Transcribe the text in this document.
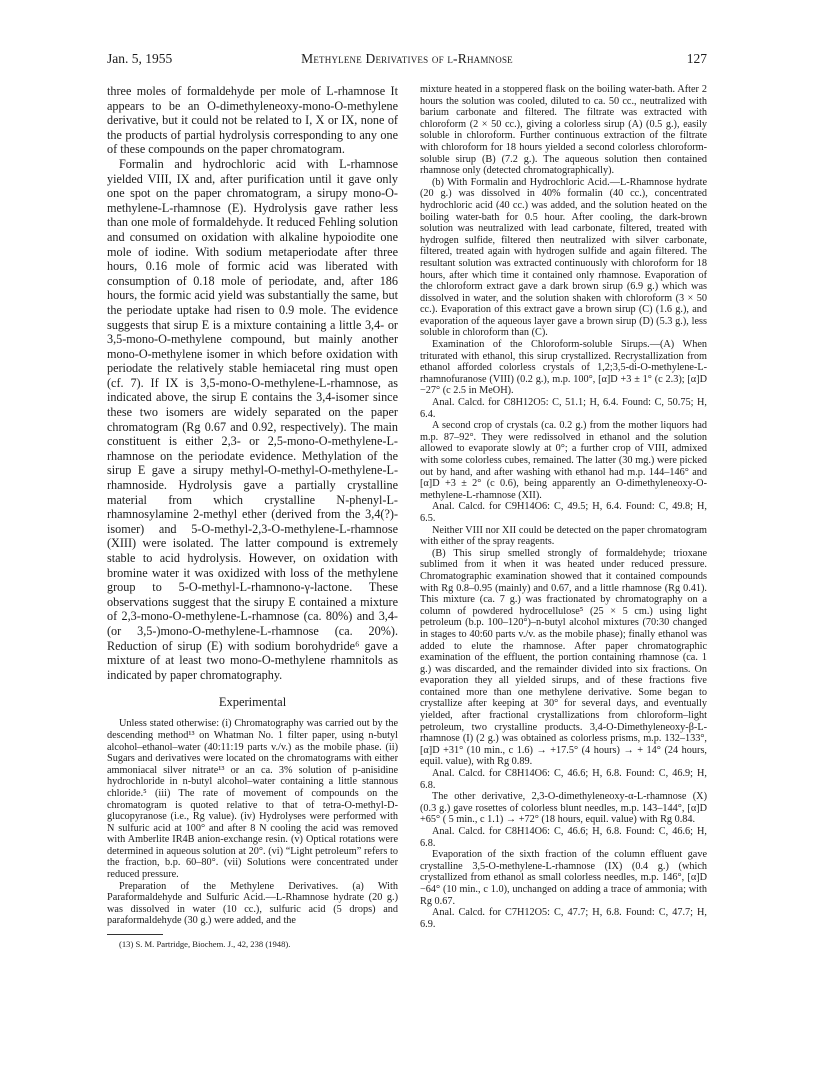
Jan. 5, 1955	Methylene Derivatives of l-Rhamnose	127

three moles of formaldehyde per mole of L-rhamnose It appears to be an O-dimethyleneoxy-mono-O-methylene derivative, but it could not be related to I, X or IX, none of the products of partial hydrolysis corresponding to any one of these compounds on the paper chromatogram.

Formalin and hydrochloric acid with L-rhamnose yielded VIII, IX and, after purification until it gave only one spot on the paper chromatogram, a sirupy mono-O-methylene-L-rhamnose (E). Hydrolysis gave rather less than one mole of formaldehyde. It reduced Fehling solution and consumed on oxidation with alkaline hypoiodite one mole of iodine. With sodium metaperiodate after three hours, 0.16 mole of formic acid was liberated with consumption of 0.18 mole of periodate, and, after 186 hours, the formic acid yield was substantially the same, but the periodate uptake had risen to 0.9 mole. The evidence suggests that sirup E is a mixture containing a little 3,4- or 3,5-mono-O-methylene compound, but mainly another mono-O-methylene isomer in which before oxidation with periodate the relatively stable hemiacetal ring must open (cf. 7). If IX is 3,5-mono-O-methylene-L-rhamnose, as indicated above, the sirup E contains the 3,4-isomer since these two isomers are widely separated on the paper chromatogram (Rg 0.67 and 0.92, respectively). The main constituent is either 2,3- or 2,5-mono-O-methylene-L-rhamnose on the periodate evidence. Methylation of the sirup E gave a sirupy methyl-O-methyl-O-methylene-L-rhamnoside. Hydrolysis gave a partially crystalline material from which crystalline N-phenyl-L-rhamnosylamine 2-methyl ether (derived from the 3,4(?)-isomer) and 5-O-methyl-2,3-O-methylene-L-rhamnose (XIII) were isolated. The latter compound is extremely stable to acid hydrolysis. However, on oxidation with bromine water it was oxidized with loss of the methylene group to 5-O-methyl-L-rhamnono-γ-lactone. These observations suggest that the sirupy E contained a mixture of 2,3-mono-O-methylene-L-rhamnose (ca. 80%) and 3,4-(or 3,5-)mono-O-methylene-L-rhamnose (ca. 20%). Reduction of sirup (E) with sodium borohydride⁶ gave a mixture of at least two mono-O-methylene rhamnitols as indicated by paper chromatography.

Experimental

Unless stated otherwise: (i) Chromatography was carried out by the descending method¹³ on Whatman No. 1 filter paper, using n-butyl alcohol–ethanol–water (40:11:19 parts v./v.) as the mobile phase. (ii) Sugars and derivatives were located on the chromatograms with either ammoniacal silver nitrate¹³ or an ca. 3% solution of p-anisidine hydrochloride in n-butyl alcohol–water containing a little stannous chloride.⁵ (iii) The rate of movement of compounds on the chromatogram is quoted relative to that of tetra-O-methyl-D-glucopyranose (i.e., Rg value). (iv) Hydrolyses were performed with N sulfuric acid at 100° and after 8 N cooling the acid was removed with Amberlite IR4B anion-exchange resin. (v) Optical rotations were determined in aqueous solution at 20°. (vi) “Light petroleum” refers to the fraction, b.p. 60–80°. (vii) Solutions were concentrated under reduced pressure.

Preparation of the Methylene Derivatives. (a) With Paraformaldehyde and Sulfuric Acid.—L-Rhamnose hydrate (20 g.) was dissolved in water (10 cc.), sulfuric acid (5 drops) and paraformaldehyde (30 g.) were added, and the

(13) S. M. Partridge, Biochem. J., 42, 238 (1948).

mixture heated in a stoppered flask on the boiling water-bath. After 2 hours the solution was cooled, diluted to ca. 50 cc., neutralized with barium carbonate and filtered. The filtrate was extracted with chloroform (2 × 50 cc.), giving a colorless sirup (A) (0.5 g.), easily soluble in chloroform. Further continuous extraction of the filtrate with chloroform for 18 hours yielded a second colorless chloroform-soluble sirup (B) (7.2 g.). The aqueous solution then contained rhamnose only (detected chromatographically).

(b) With Formalin and Hydrochloric Acid.—L-Rhamnose hydrate (20 g.) was dissolved in 40% formalin (40 cc.), concentrated hydrochloric acid (40 cc.) was added, and the solution heated on the boiling water-bath for 0.5 hour. After cooling, the dark-brown solution was neutralized with lead carbonate, filtered, treated with hydrogen sulfide, filtered then neutralized with silver carbonate, filtered, treated again with hydrogen sulfide and again filtered. The resultant solution was extracted continuously with chloroform for 18 hours, after which time it contained only rhamnose. Evaporation of the chloroform extract gave a dark brown sirup (6.9 g.) which was dissolved in water, and the solution shaken with chloroform (3 × 50 cc.). Evaporation of this extract gave a brown sirup (C) (1.6 g.), and evaporation of the aqueous layer gave a brown sirup (D) (5.3 g.), less soluble in chloroform than (C).

Examination of the Chloroform-soluble Sirups.—(A) When triturated with ethanol, this sirup crystallized. Recrystallization from ethanol afforded colorless crystals of 1,2;3,5-di-O-methylene-L-rhamnofuranose (VIII) (0.2 g.), m.p. 100°, [α]D +3 ± 1° (c 2.3); [α]D −27° (c 2.5 in MeOH).

Anal. Calcd. for C8H12O5: C, 51.1; H, 6.4. Found: C, 50.75; H, 6.4.

A second crop of crystals (ca. 0.2 g.) from the mother liquors had m.p. 87–92°. They were redissolved in ethanol and the solution allowed to evaporate slowly at 0°; a further crop of VIII, admixed with some colorless cubes, remained. The latter (30 mg.) were picked out by hand, and after washing with ethanol had m.p. 144–146° and [α]D +3 ± 2° (c 0.6), being apparently an O-dimethyleneoxy-O-methylene-L-rhamnose (XII).

Anal. Calcd. for C9H14O6: C, 49.5; H, 6.4. Found: C, 49.8; H, 6.5.

Neither VIII nor XII could be detected on the paper chromatogram with either of the spray reagents.

(B) This sirup smelled strongly of formaldehyde; trioxane sublimed from it when it was heated under reduced pressure. Chromatographic examination showed that it contained compounds with Rg 0.8–0.95 (mainly) and 0.67, and a little rhamnose (Rg 0.41). This mixture (ca. 7 g.) was fractionated by chromatography on a column of powdered hydrocellulose⁵ (25 × 5 cm.) using light petroleum (b.p. 100–120°)–n-butyl alcohol mixtures (70:30 changed in stages to 40:60 parts v./v. as the mobile phase); finally ethanol was added to elute the rhamnose. After paper chromatographic examination of the effluent, the portion containing rhamnose (ca. 1 g.) was discarded, and the remainder divided into six fractions. On evaporation they all yielded sirups, and of these fractions five contained more than one methylene derivative. Some began to crystallize after keeping at 30° for several days, and eventually yielded, after fractional crystallizations from chloroform–light petroleum, two crystalline products. 3,4-O-Dimethyleneoxy-β-L-rhamnose (I) (2 g.) was obtained as colorless prisms, m.p. 132–133°, [α]D +31° (10 min., c 1.6) → +17.5° (4 hours) → + 14° (24 hours, equil. value), with Rg 0.89.

Anal. Calcd. for C8H14O6: C, 46.6; H, 6.8. Found: C, 46.9; H, 6.8.

The other derivative, 2,3-O-dimethyleneoxy-α-L-rhamnose (X) (0.3 g.) gave rosettes of colorless blunt needles, m.p. 143–144°, [α]D +65° ( 5 min., c 1.1) → +72° (18 hours, equil. value) with Rg 0.84.

Anal. Calcd. for C8H14O6: C, 46.6; H, 6.8. Found: C, 46.6; H, 6.8.

Evaporation of the sixth fraction of the column effluent gave crystalline 3,5-O-methylene-L-rhamnose (IX) (0.4 g.) (which crystallized from ethanol as small colorless needles, m.p. 146°, [α]D −64° (10 min., c 1.0), unchanged on adding a trace of ammonia; with Rg 0.67.

Anal. Calcd. for C7H12O5: C, 47.7; H, 6.8. Found: C, 47.7; H, 6.9.
